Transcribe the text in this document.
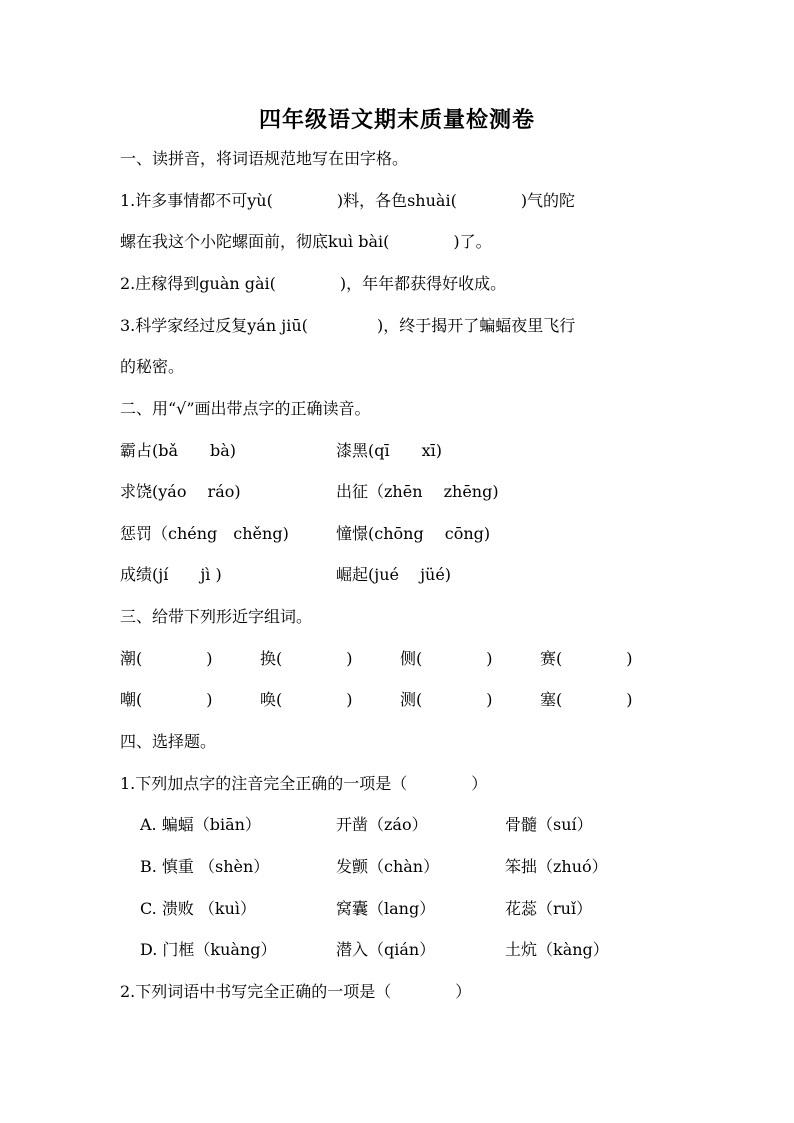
四年级语文期末质量检测卷
一、读拼音，将词语规范地写在田字格。
1.许多事情都不可yù(　　　　)料，各色shuài(　　　　)气的陀
螺在我这个小陀螺面前，彻底kuì bài(　　　　)了。
2.庄稼得到guàn gài(　　　　)，年年都获得好收成。
3.科学家经过反复yán jiū(　　　　 )，终于揭开了蝙蝠夜里飞行
的秘密。
二、用“√”画出带点字的正确读音。
霸占(bǎ　　bà)	漆黑(qī　　xī)
求饶(yáo　 ráo)	出征（zhēn　 zhēng)
惩罚（chéng　chěng)	憧憬(chōng　 cōng)
成绩(jí　　jì )	崛起(jué　 jüé)
三、给带下列形近字组词。
潮(　　　　)	换(　　　　)	侧(　　　　)	赛(　　　　)
嘲(　　　　)	唤(　　　　)	测(　　　　)	塞(　　　　)
四、选择题。
1.下列加点字的注音完全正确的一项是（　　　　）
A. 蝙蝠（biān）	开凿（záo）	骨髓（suí）
B. 慎重 （shèn）	发颤（chàn）	笨拙（zhuó）
C. 溃败 （kuì）	窝囊（lang）	花蕊（ruǐ）
D. 门框（kuàng）	潜入（qián）	土炕（kàng）
2.下列词语中书写完全正确的一项是（　　　　）
